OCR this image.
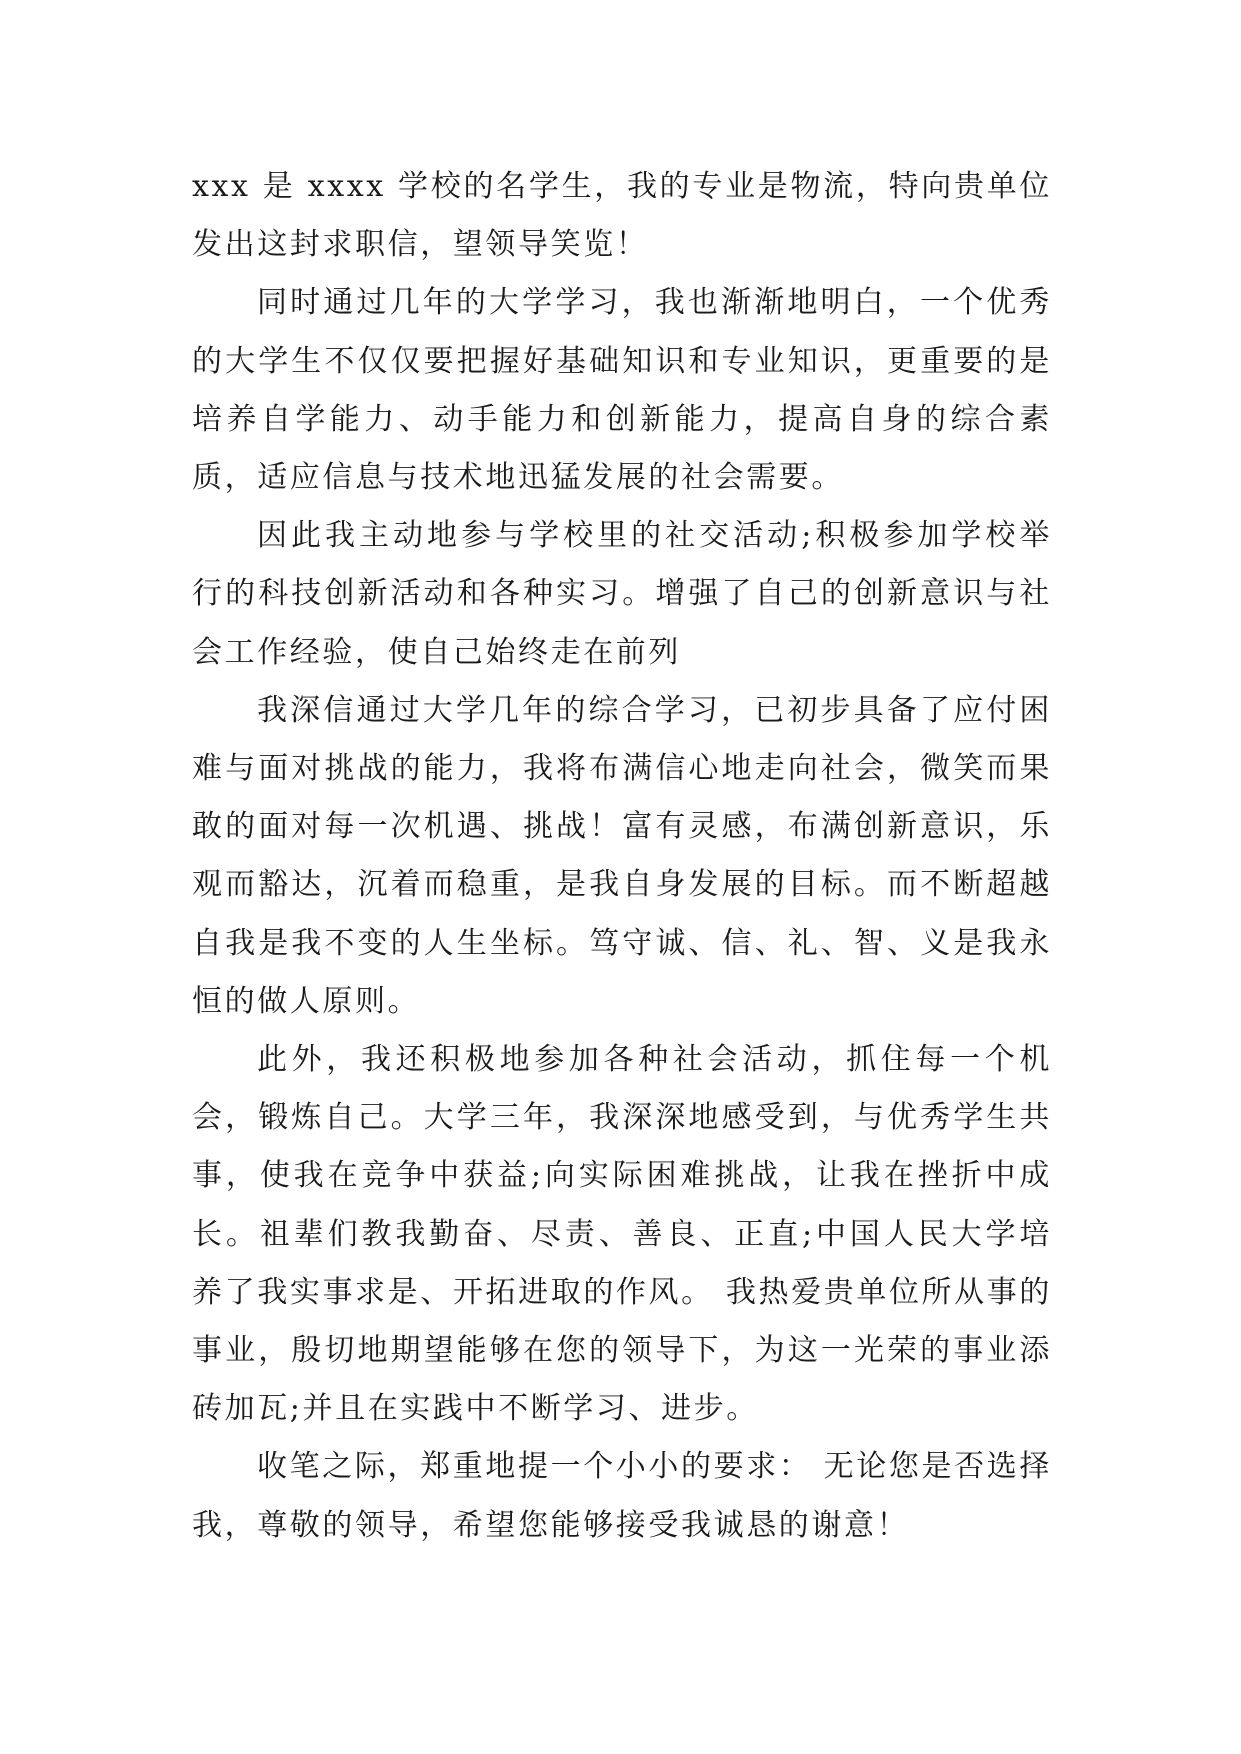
xxx 是 xxxx 学校的名学生，我的专业是物流，特向贵单位发出这封求职信，望领导笑览！

同时通过几年的大学学习，我也渐渐地明白，一个优秀的大学生不仅仅要把握好基础知识和专业知识，更重要的是培养自学能力、动手能力和创新能力，提高自身的综合素质，适应信息与技术地迅猛发展的社会需要。

因此我主动地参与学校里的社交活动;积极参加学校举行的科技创新活动和各种实习。增强了自己的创新意识与社会工作经验，使自己始终走在前列

我深信通过大学几年的综合学习，已初步具备了应付困难与面对挑战的能力，我将布满信心地走向社会，微笑而果敢的面对每一次机遇、挑战！富有灵感，布满创新意识，乐观而豁达，沉着而稳重，是我自身发展的目标。而不断超越自我是我不变的人生坐标。笃守诚、信、礼、智、义是我永恒的做人原则。

此外，我还积极地参加各种社会活动，抓住每一个机会，锻炼自己。大学三年，我深深地感受到，与优秀学生共事，使我在竞争中获益;向实际困难挑战，让我在挫折中成长。祖辈们教我勤奋、尽责、善良、正直;中国人民大学培养了我实事求是、开拓进取的作风。 我热爱贵单位所从事的事业，殷切地期望能够在您的领导下，为这一光荣的事业添砖加瓦;并且在实践中不断学习、进步。

收笔之际，郑重地提一个小小的要求： 无论您是否选择我，尊敬的领导，希望您能够接受我诚恳的谢意！
